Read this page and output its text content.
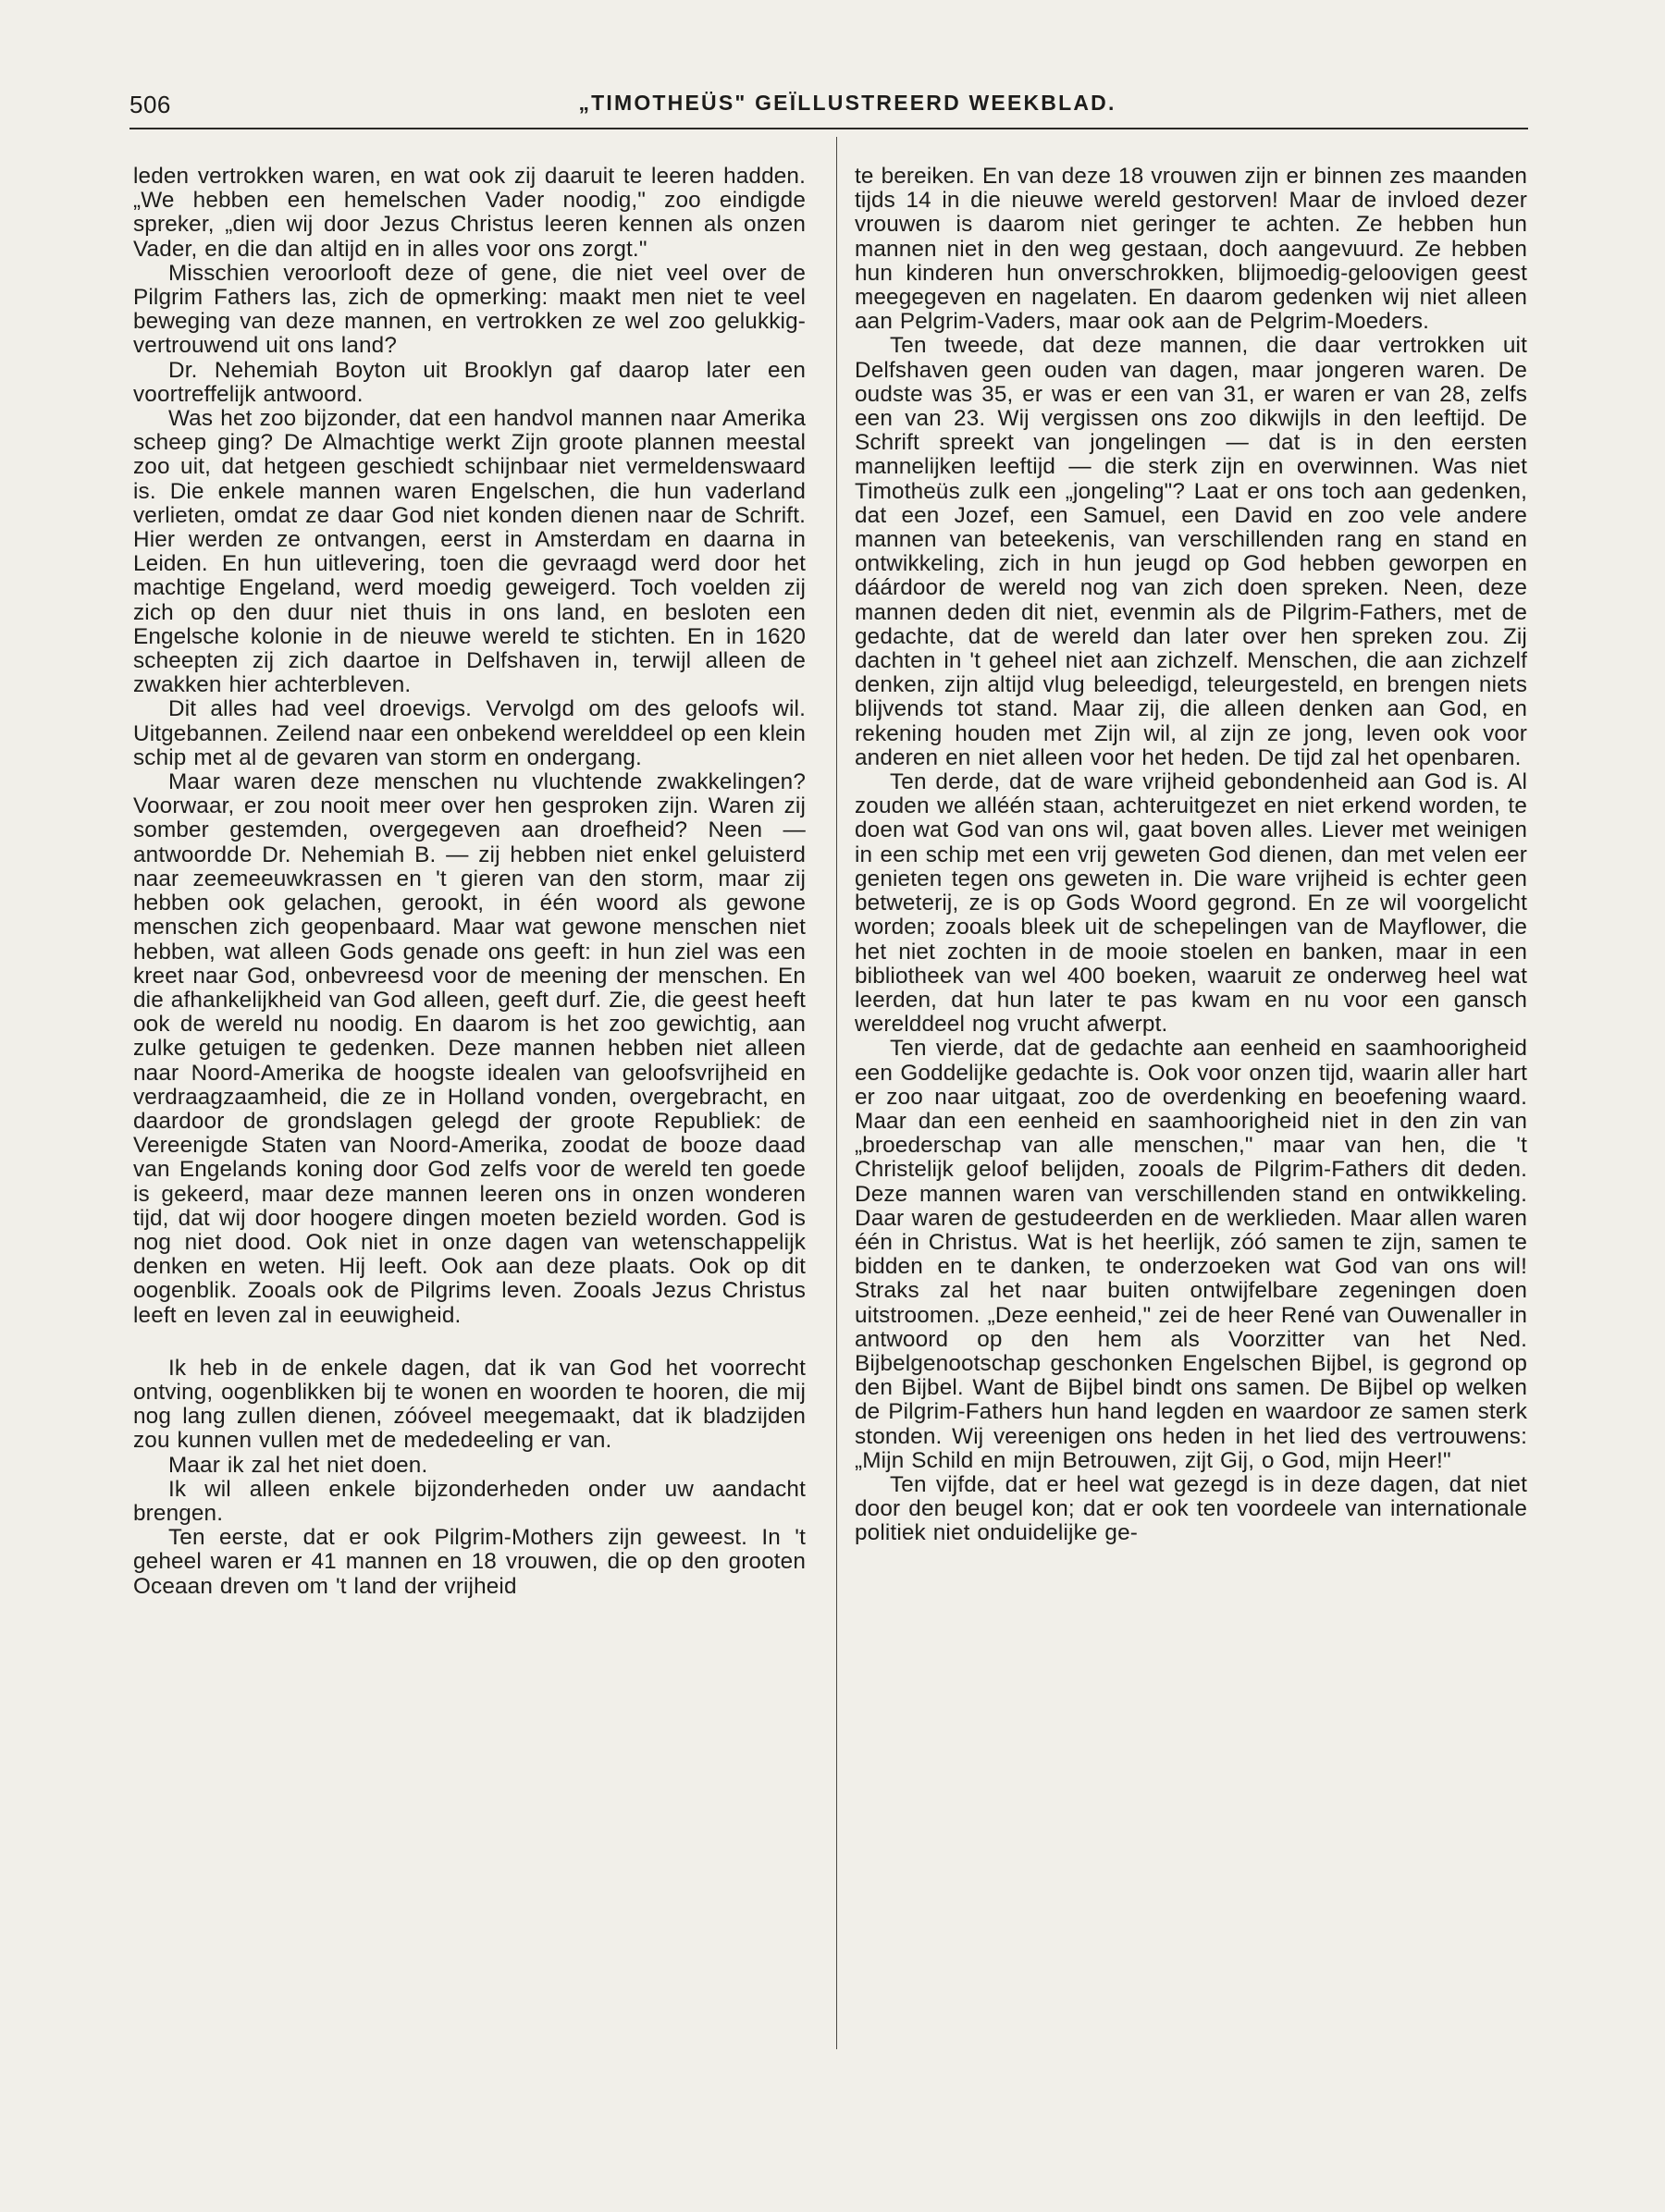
506	„TIMOTHEÜS" GEÏLLUSTREERD WEEKBLAD.

leden vertrokken waren, en wat ook zij daaruit te leeren hadden. „We hebben een hemelschen Vader noodig," zoo eindigde spreker, „dien wij door Jezus Christus leeren kennen als onzen Vader, en die dan altijd en in alles voor ons zorgt."

Misschien veroorlooft deze of gene, die niet veel over de Pilgrim Fathers las, zich de opmerking: maakt men niet te veel beweging van deze mannen, en vertrokken ze wel zoo gelukkig-vertrouwend uit ons land?

Dr. Nehemiah Boyton uit Brooklyn gaf daarop later een voortreffelijk antwoord.

Was het zoo bijzonder, dat een handvol mannen naar Amerika scheep ging? De Almachtige werkt Zijn groote plannen meestal zoo uit, dat hetgeen geschiedt schijnbaar niet vermeldenswaard is. Die enkele mannen waren Engelschen, die hun vaderland verlieten, omdat ze daar God niet konden dienen naar de Schrift. Hier werden ze ontvangen, eerst in Amsterdam en daarna in Leiden. En hun uitlevering, toen die gevraagd werd door het machtige Engeland, werd moedig geweigerd. Toch voelden zij zich op den duur niet thuis in ons land, en besloten een Engelsche kolonie in de nieuwe wereld te stichten. En in 1620 scheepten zij zich daartoe in Delfshaven in, terwijl alleen de zwakken hier achterbleven.

Dit alles had veel droevigs. Vervolgd om des geloofs wil. Uitgebannen. Zeilend naar een onbekend werelddeel op een klein schip met al de gevaren van storm en ondergang.

Maar waren deze menschen nu vluchtende zwakkelingen? Voorwaar, er zou nooit meer over hen gesproken zijn. Waren zij somber gestemden, overgegeven aan droefheid? Neen — antwoordde Dr. Nehemiah B. — zij hebben niet enkel geluisterd naar zeemeeuwkrassen en 't gieren van den storm, maar zij hebben ook gelachen, gerookt, in één woord als gewone menschen zich geopenbaard. Maar wat gewone menschen niet hebben, wat alleen Gods genade ons geeft: in hun ziel was een kreet naar God, onbevreesd voor de meening der menschen. En die afhankelijkheid van God alleen, geeft durf. Zie, die geest heeft ook de wereld nu noodig. En daarom is het zoo gewichtig, aan zulke getuigen te gedenken. Deze mannen hebben niet alleen naar Noord-Amerika de hoogste idealen van geloofsvrijheid en verdraagzaamheid, die ze in Holland vonden, overgebracht, en daardoor de grondslagen gelegd der groote Republiek: de Vereenigde Staten van Noord-Amerika, zoodat de booze daad van Engelands koning door God zelfs voor de wereld ten goede is gekeerd, maar deze mannen leeren ons in onzen wonderen tijd, dat wij door hoogere dingen moeten bezield worden. God is nog niet dood. Ook niet in onze dagen van wetenschappelijk denken en weten. Hij leeft. Ook aan deze plaats. Ook op dit oogenblik. Zooals ook de Pilgrims leven. Zooals Jezus Christus leeft en leven zal in eeuwigheid.

Ik heb in de enkele dagen, dat ik van God het voorrecht ontving, oogenblikken bij te wonen en woorden te hooren, die mij nog lang zullen dienen, zóóveel meegemaakt, dat ik bladzijden zou kunnen vullen met de mededeeling er van.

Maar ik zal het niet doen.

Ik wil alleen enkele bijzonderheden onder uw aandacht brengen.

Ten eerste, dat er ook Pilgrim-Mothers zijn geweest. In 't geheel waren er 41 mannen en 18 vrouwen, die op den grooten Oceaan dreven om 't land der vrijheid

te bereiken. En van deze 18 vrouwen zijn er binnen zes maanden tijds 14 in die nieuwe wereld gestorven! Maar de invloed dezer vrouwen is daarom niet geringer te achten. Ze hebben hun mannen niet in den weg gestaan, doch aangevuurd. Ze hebben hun kinderen hun onverschrokken, blijmoedig-geloovigen geest meegegeven en nagelaten. En daarom gedenken wij niet alleen aan Pelgrim-Vaders, maar ook aan de Pelgrim-Moeders.

Ten tweede, dat deze mannen, die daar vertrokken uit Delfshaven geen ouden van dagen, maar jongeren waren. De oudste was 35, er was er een van 31, er waren er van 28, zelfs een van 23. Wij vergissen ons zoo dikwijls in den leeftijd. De Schrift spreekt van jongelingen — dat is in den eersten mannelijken leeftijd — die sterk zijn en overwinnen. Was niet Timotheüs zulk een „jongeling"? Laat er ons toch aan gedenken, dat een Jozef, een Samuel, een David en zoo vele andere mannen van beteekenis, van verschillenden rang en stand en ontwikkeling, zich in hun jeugd op God hebben geworpen en dáárdoor de wereld nog van zich doen spreken. Neen, deze mannen deden dit niet, evenmin als de Pilgrim-Fathers, met de gedachte, dat de wereld dan later over hen spreken zou. Zij dachten in 't geheel niet aan zichzelf. Menschen, die aan zichzelf denken, zijn altijd vlug beleedigd, teleurgesteld, en brengen niets blijvends tot stand. Maar zij, die alleen denken aan God, en rekening houden met Zijn wil, al zijn ze jong, leven ook voor anderen en niet alleen voor het heden. De tijd zal het openbaren.

Ten derde, dat de ware vrijheid gebondenheid aan God is. Al zouden we alléén staan, achteruitgezet en niet erkend worden, te doen wat God van ons wil, gaat boven alles. Liever met weinigen in een schip met een vrij geweten God dienen, dan met velen eer genieten tegen ons geweten in. Die ware vrijheid is echter geen betweterij, ze is op Gods Woord gegrond. En ze wil voorgelicht worden; zooals bleek uit de schepelingen van de Mayflower, die het niet zochten in de mooie stoelen en banken, maar in een bibliotheek van wel 400 boeken, waaruit ze onderweg heel wat leerden, dat hun later te pas kwam en nu voor een gansch werelddeel nog vrucht afwerpt.

Ten vierde, dat de gedachte aan eenheid en saamhoorigheid een Goddelijke gedachte is. Ook voor onzen tijd, waarin aller hart er zoo naar uitgaat, zoo de overdenking en beoefening waard. Maar dan een eenheid en saamhoorigheid niet in den zin van „broederschap van alle menschen," maar van hen, die 't Christelijk geloof belijden, zooals de Pilgrim-Fathers dit deden. Deze mannen waren van verschillenden stand en ontwikkeling. Daar waren de gestudeerden en de werklieden. Maar allen waren één in Christus. Wat is het heerlijk, zóó samen te zijn, samen te bidden en te danken, te onderzoeken wat God van ons wil! Straks zal het naar buiten ontwijfelbare zegeningen doen uitstroomen. „Deze eenheid," zei de heer René van Ouwenaller in antwoord op den hem als Voorzitter van het Ned. Bijbelgenootschap geschonken Engelschen Bijbel, is gegrond op den Bijbel. Want de Bijbel bindt ons samen. De Bijbel op welken de Pilgrim-Fathers hun hand legden en waardoor ze samen sterk stonden. Wij vereenigen ons heden in het lied des vertrouwens: „Mijn Schild en mijn Betrouwen, zijt Gij, o God, mijn Heer!"

Ten vijfde, dat er heel wat gezegd is in deze dagen, dat niet door den beugel kon; dat er ook ten voordeele van internationale politiek niet onduidelijke ge-
